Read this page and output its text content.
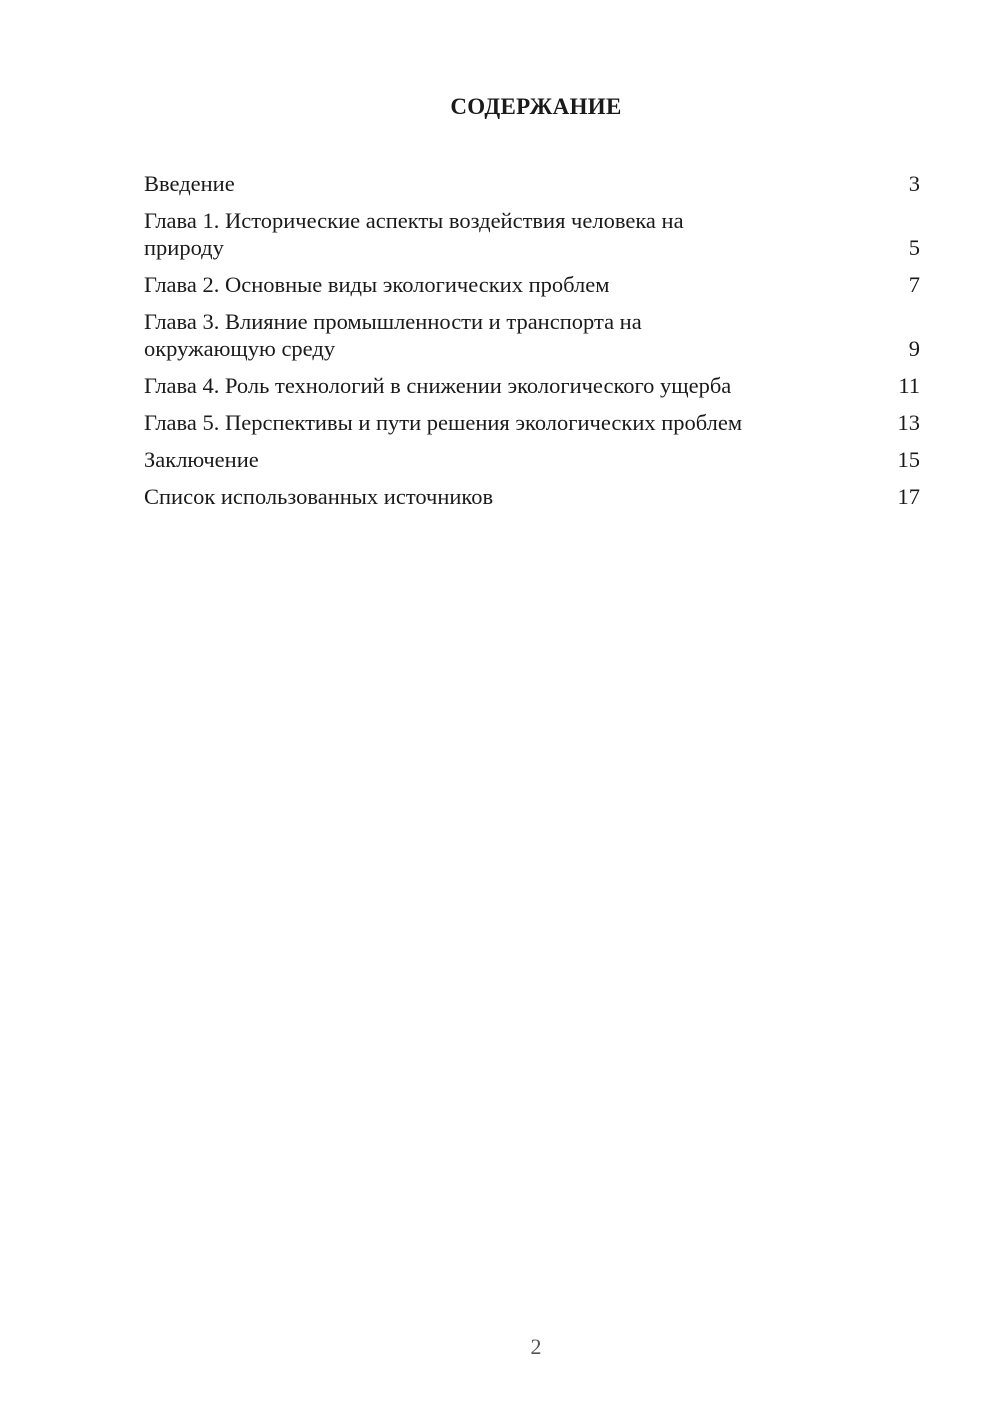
СОДЕРЖАНИЕ
Введение	3
Глава 1. Исторические аспекты воздействия человека на природу	5
Глава 2. Основные виды экологических проблем	7
Глава 3. Влияние промышленности и транспорта на окружающую среду	9
Глава 4. Роль технологий в снижении экологического ущерба	11
Глава 5. Перспективы и пути решения экологических проблем	13
Заключение	15
Список использованных источников	17
2
